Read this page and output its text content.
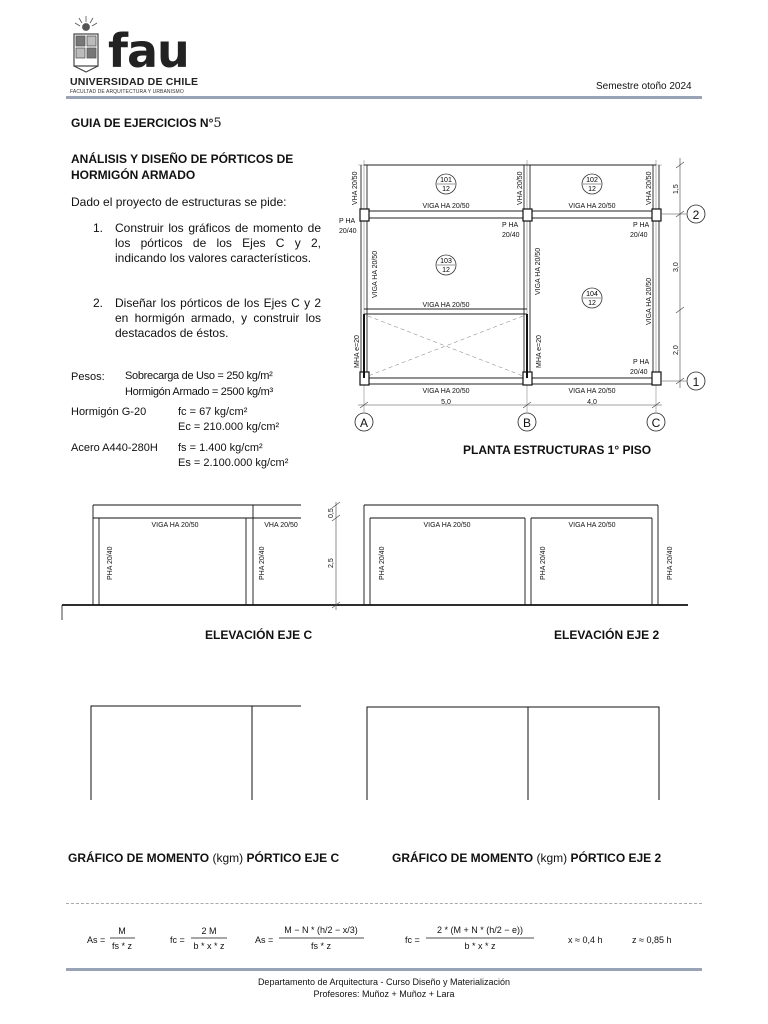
fau
UNIVERSIDAD DE CHILE
FACULTAD DE ARQUITECTURA Y URBANISMO	Semestre otoño 2024
GUIA DE EJERCICIOS N°5
ANÁLISIS Y DISEÑO DE PÓRTICOS DE
HORMIGÓN ARMADO
Dado el proyecto de estructuras se pide:
1. Construir los gráficos de momento de los pórticos de los Ejes C y 2, indicando los valores característicos.
2. Diseñar los pórticos de los Ejes C y 2 en hormigón armado, y construir los destacados de éstos.
Pesos: Sobrecarga de Uso = 250 kg/m²
Hormigón Armado = 2500 kg/m³
Hormigón G-20	fc = 67 kg/cm²
Ec = 210.000 kg/cm²
Acero A440-280H fs = 1.400 kg/cm²
Es = 2.100.000 kg/cm²
101
12
102
12
103
12
104
12
VIGA HA 20/50	VIGA HA 20/50
VIGA HA 20/50
VIGA HA 20/50	VIGA HA 20/50
5,0	4,0
P HA
20/40
P HA
20/40
P HA
20/40
P HA
20/40
VHA 20/50	VHA 20/50	VHA 20/50
VIGA HA 20/50	VIGA HA 20/50
VIGA HA 20/50
MHA e=20	MHA e=20
1,5
3,0
2,0
A	B	C
2
1
PLANTA ESTRUCTURAS 1° PISO
VIGA HA 20/50	VHA 20/50	VIGA HA 20/50	VIGA HA 20/50
PHA 20/40	PHA 20/40	PHA 20/40	PHA 20/40	PHA 20/40
0,5
2,5
ELEVACIÓN EJE C	ELEVACIÓN EJE 2
GRÁFICO DE MOMENTO (kgm) PÓRTICO EJE C	GRÁFICO DE MOMENTO (kgm) PÓRTICO EJE 2
As =
M
fs * z
fc =
2 M
b * x * z
As =
M − N * (h/2 − x/3)
fs * z
fc =
2 * (M + N * (h/2 − e))
b * x * z
x ≈ 0,4 h	z ≈ 0,85 h
Departamento de Arquitectura - Curso Diseño y Materialización
Profesores: Muñoz + Muñoz + Lara
